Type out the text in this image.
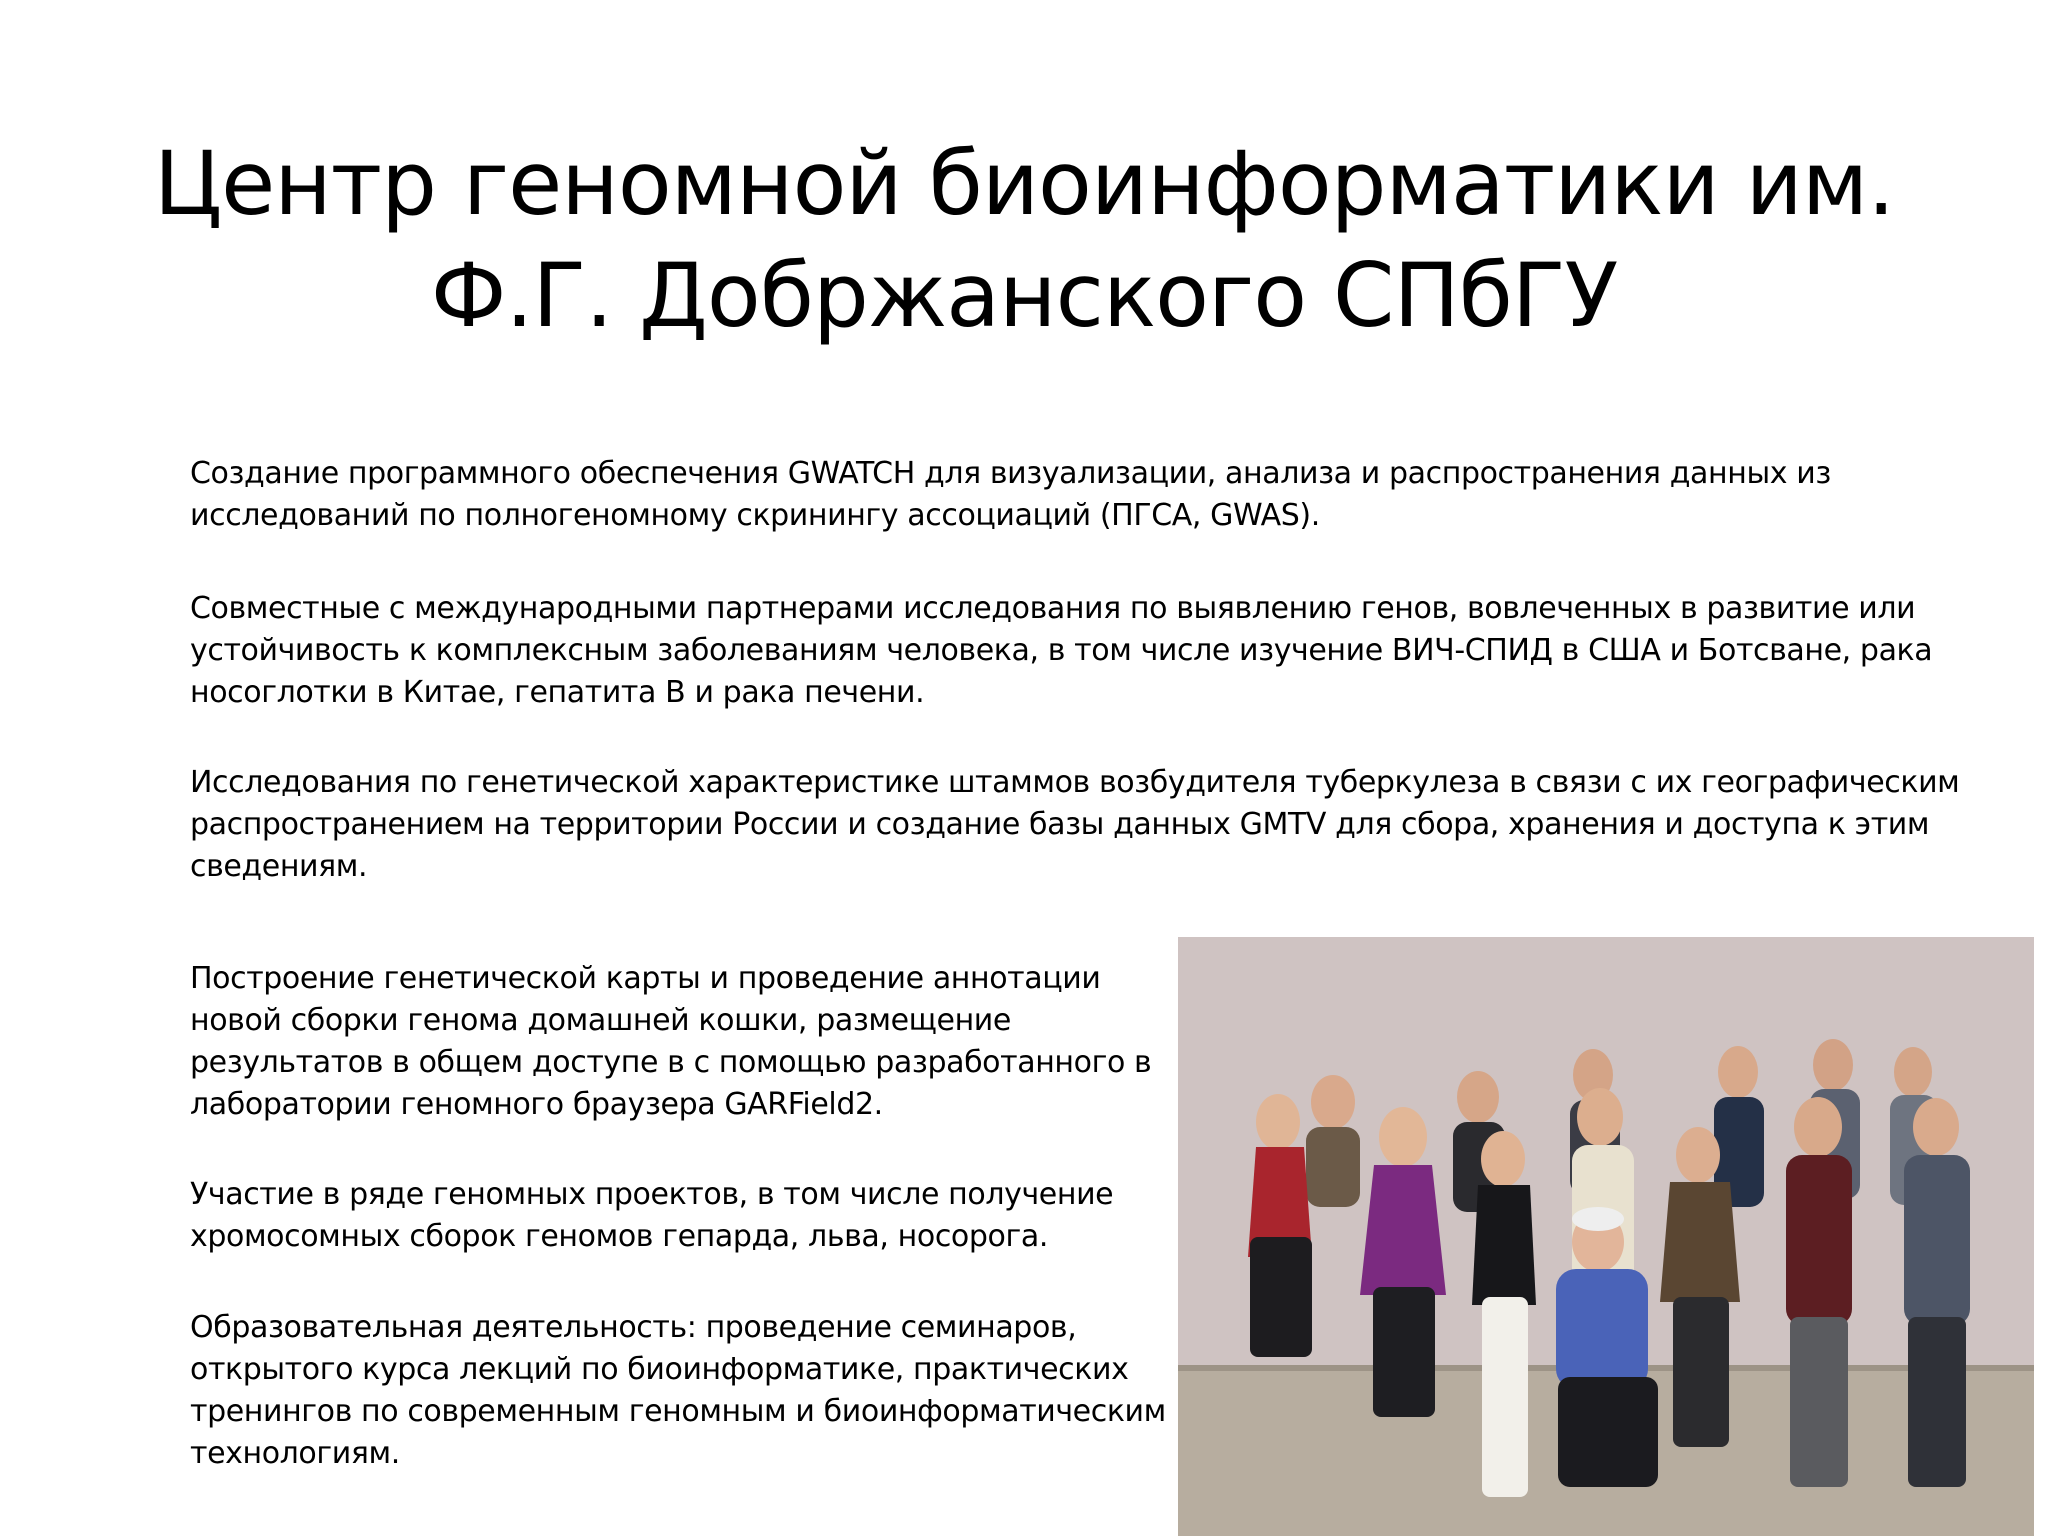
Центр геномной биоинформатики им.
Ф.Г. Добржанского СПбГУ

Создание программного обеспечения GWATCH для визуализации, анализа и распространения данных из
исследований по полногеномному скринингу ассоциаций (ПГСА, GWAS).

Совместные с международными партнерами исследования по выявлению генов, вовлеченных в развитие или
устойчивость к комплексным заболеваниям человека, в том числе изучение ВИЧ-СПИД в США и Ботсване, рака
носоглотки в Китае, гепатита В и рака печени.

Исследования по генетической характеристике штаммов возбудителя туберкулеза в связи с их географическим
распространением на территории России и создание базы данных GMTV для сбора, хранения и доступа к этим
сведениям.

Построение генетической карты и проведение аннотации
новой сборки генома домашней кошки, размещение
результатов в общем доступе в с помощью разработанного в
лаборатории геномного браузера GARField2.

Участие в ряде геномных проектов, в том числе получение
хромосомных сборок геномов гепарда, льва, носорога.

Образовательная деятельность: проведение семинаров,
открытого курса лекций по биоинформатике, практических
тренингов по современным геномным и биоинформатическим
технологиям.
